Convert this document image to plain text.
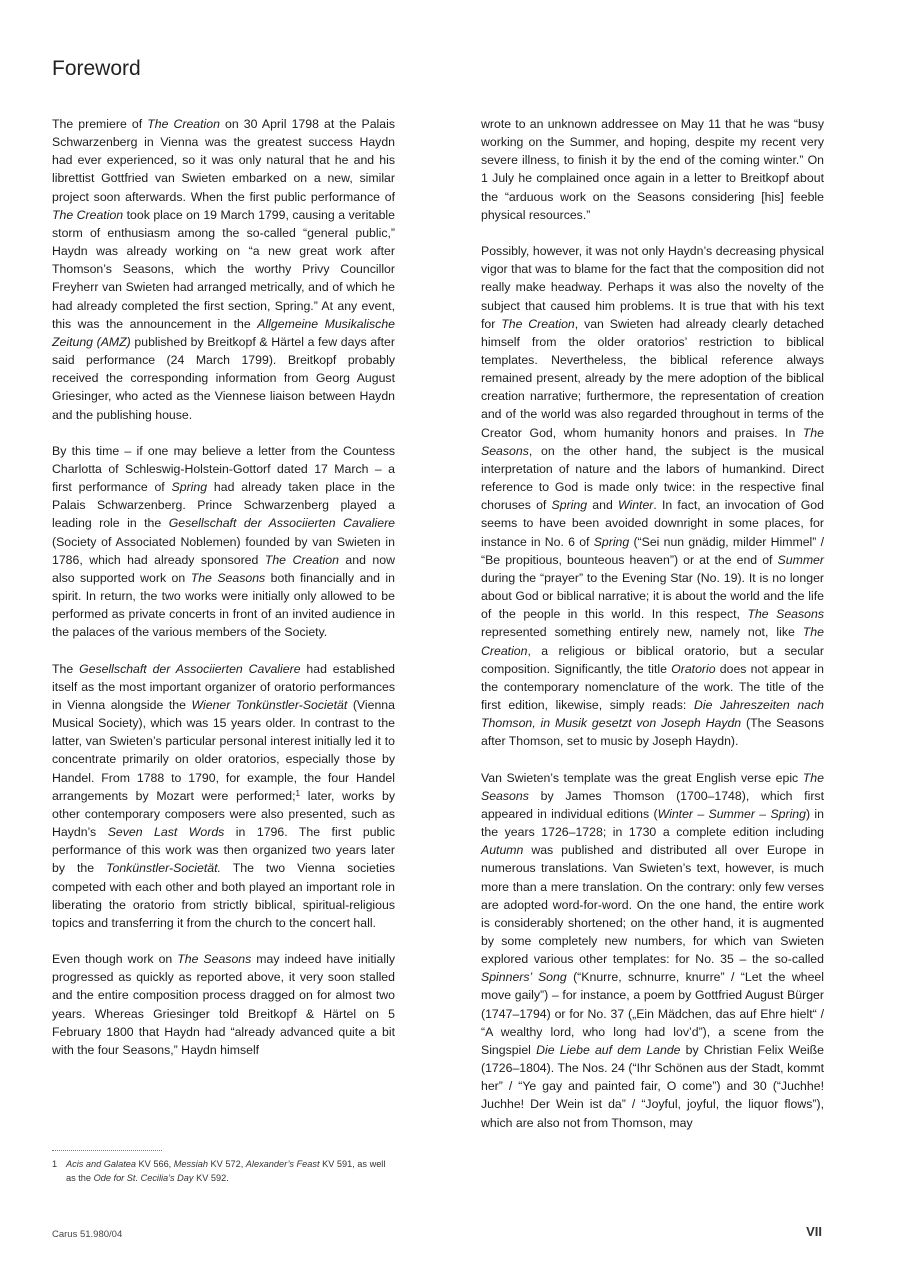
Foreword

The premiere of The Creation on 30 April 1798 at the Palais Schwarzenberg in Vienna was the greatest success Haydn had ever experienced, so it was only natural that he and his librettist Gottfried van Swieten embarked on a new, similar project soon afterwards. When the first public performance of The Creation took place on 19 March 1799, causing a veritable storm of enthusiasm among the so-called “general public,” Haydn was already working on “a new great work after Thomson’s Seasons, which the worthy Privy Councillor Freyherr van Swieten had arranged metrically, and of which he had already completed the first section, Spring.” At any event, this was the announcement in the Allgemeine Musikalische Zeitung (AMZ) published by Breitkopf & Härtel a few days after said performance (24 March 1799). Breitkopf probably received the corresponding information from Georg August Griesinger, who acted as the Viennese liaison between Haydn and the publishing house.

By this time – if one may believe a letter from the Countess Charlotta of Schleswig-Holstein-Gottorf dated 17 March – a first performance of Spring had already taken place in the Palais Schwarzenberg. Prince Schwarzenberg played a leading role in the Gesellschaft der Associierten Cavaliere (Society of Associated Noblemen) founded by van Swieten in 1786, which had already sponsored The Creation and now also supported work on The Seasons both financially and in spirit. In return, the two works were initially only allowed to be performed as private concerts in front of an invited audience in the palaces of the various members of the Society.

The Gesellschaft der Associierten Cavaliere had established itself as the most important organizer of oratorio performances in Vienna alongside the Wiener Tonkünstler-Societät (Vienna Musical Society), which was 15 years older. In contrast to the latter, van Swieten’s particular personal interest initially led it to concentrate primarily on older oratorios, especially those by Handel. From 1788 to 1790, for example, the four Handel arrangements by Mozart were performed;$^1$ later, works by other contemporary composers were also presented, such as Haydn’s Seven Last Words in 1796. The first public performance of this work was then organized two years later by the Tonkünstler-Societät. The two Vienna societies competed with each other and both played an important role in liberating the oratorio from strictly biblical, spiritual-religious topics and transferring it from the church to the concert hall.

Even though work on The Seasons may indeed have initially progressed as quickly as reported above, it very soon stalled and the entire composition process dragged on for almost two years. Whereas Griesinger told Breitkopf & Härtel on 5 February 1800 that Haydn had “already advanced quite a bit with the four Seasons,” Haydn himself

1 Acis and Galatea KV 566, Messiah KV 572, Alexander’s Feast KV 591, as well as the Ode for St. Cecilia’s Day KV 592.

wrote to an unknown addressee on May 11 that he was “busy working on the Summer, and hoping, despite my recent very severe illness, to finish it by the end of the coming winter.” On 1 July he complained once again in a letter to Breitkopf about the “arduous work on the Seasons considering [his] feeble physical resources.”

Possibly, however, it was not only Haydn’s decreasing physical vigor that was to blame for the fact that the composition did not really make headway. Perhaps it was also the novelty of the subject that caused him problems. It is true that with his text for The Creation, van Swieten had already clearly detached himself from the older oratorios’ restriction to biblical templates. Nevertheless, the biblical reference always remained present, already by the mere adoption of the biblical creation narrative; furthermore, the representation of creation and of the world was also regarded throughout in terms of the Creator God, whom humanity honors and praises. In The Seasons, on the other hand, the subject is the musical interpretation of nature and the labors of humankind. Direct reference to God is made only twice: in the respective final choruses of Spring and Winter. In fact, an invocation of God seems to have been avoided downright in some places, for instance in No. 6 of Spring (“Sei nun gnädig, milder Himmel” / “Be propitious, bounteous heaven”) or at the end of Summer during the “prayer” to the Evening Star (No. 19). It is no longer about God or biblical narrative; it is about the world and the life of the people in this world. In this respect, The Seasons represented something entirely new, namely not, like The Creation, a religious or biblical oratorio, but a secular composition. Significantly, the title Oratorio does not appear in the contemporary nomenclature of the work. The title of the first edition, likewise, simply reads: Die Jahreszeiten nach Thomson, in Musik gesetzt von Joseph Haydn (The Seasons after Thomson, set to music by Joseph Haydn).

Van Swieten’s template was the great English verse epic The Seasons by James Thomson (1700–1748), which first appeared in individual editions (Winter – Summer – Spring) in the years 1726–1728; in 1730 a complete edition including Autumn was published and distributed all over Europe in numerous translations. Van Swieten’s text, however, is much more than a mere translation. On the contrary: only few verses are adopted word-for-word. On the one hand, the entire work is considerably shortened; on the other hand, it is augmented by some completely new numbers, for which van Swieten explored various other templates: for No. 35 – the so-called Spinners’ Song (“Knurre, schnurre, knurre” / “Let the wheel move gaily”) – for instance, a poem by Gottfried August Bürger (1747–1794) or for No. 37 („Ein Mädchen, das auf Ehre hielt“ / “A wealthy lord, who long had lov’d”), a scene from the Singspiel Die Liebe auf dem Lande by Christian Felix Weiße (1726–1804). The Nos. 24 (“Ihr Schönen aus der Stadt, kommt her” / “Ye gay and painted fair, O come”) and 30 (“Juchhe! Juchhe! Der Wein ist da” / “Joyful, joyful, the liquor flows”), which are also not from Thomson, may

Carus 51.980/04	VII
